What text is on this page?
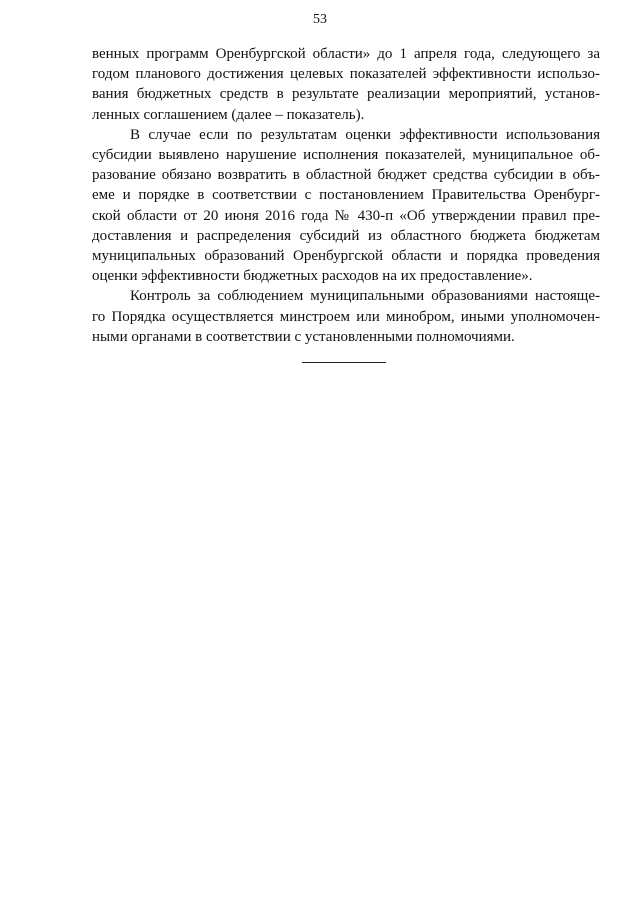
53

венных программ Оренбургской области» до 1 апреля года, следующего за
годом планового достижения целевых показателей эффективности использо-
вания бюджетных средств в результате реализации мероприятий, установ-
ленных соглашением (далее – показатель).

В случае если по результатам оценки эффективности использования
субсидии выявлено нарушение исполнения показателей, муниципальное об-
разование обязано возвратить в областной бюджет средства субсидии в объ-
еме и порядке в соответствии с постановлением Правительства Оренбург-
ской области от 20 июня 2016 года № 430-п «Об утверждении правил пре-
доставления и распределения субсидий из областного бюджета бюджетам
муниципальных образований Оренбургской области и порядка проведения
оценки эффективности бюджетных расходов на их предоставление».

Контроль за соблюдением муниципальными образованиями настояще-
го Порядка осуществляется минстроем или минобром, иными уполномочен-
ными органами в соответствии с установленными полномочиями.
